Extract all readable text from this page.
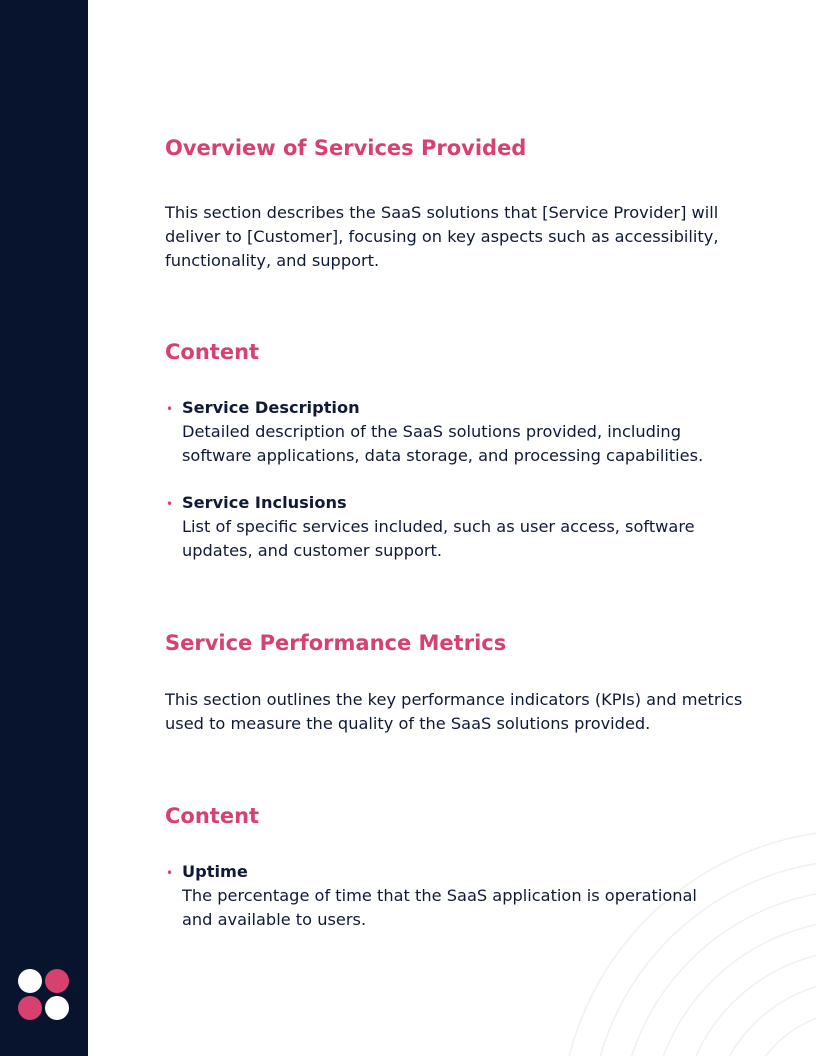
Overview of Services Provided

This section describes the SaaS solutions that [Service Provider] will
deliver to [Customer], focusing on key aspects such as accessibility,
functionality, and support.

Content
• Service Description
Detailed description of the SaaS solutions provided, including
software applications, data storage, and processing capabilities.
• Service Inclusions
List of specific services included, such as user access, software
updates, and customer support.
Service Performance Metrics

This section outlines the key performance indicators (KPIs) and metrics
used to measure the quality of the SaaS solutions provided.

Content
• Uptime
The percentage of time that the SaaS application is operational
and available to users.
